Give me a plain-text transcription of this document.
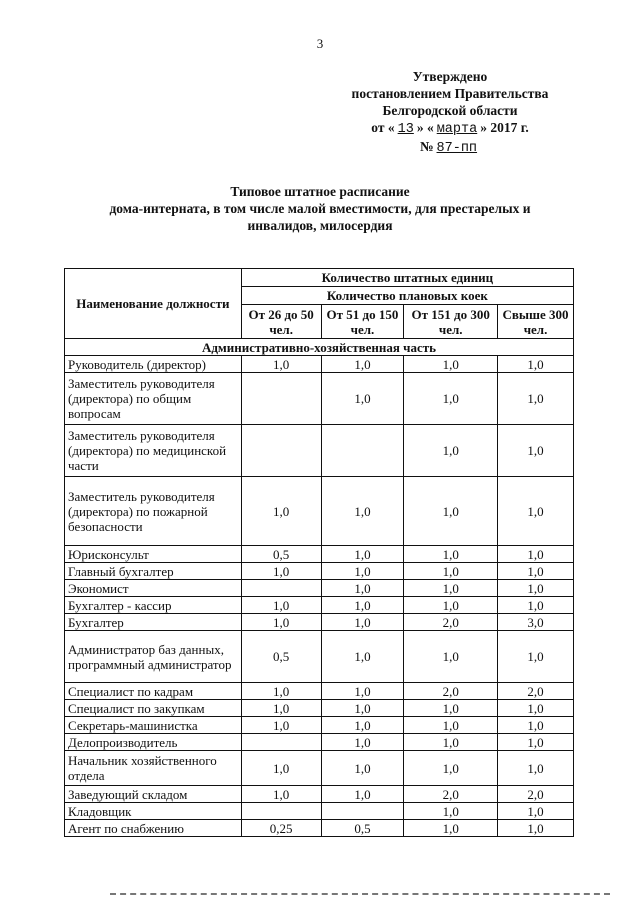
3
Утверждено
постановлением Правительства
Белгородской области
от « 13 » « марта » 2017 г.
№ 87-пп
Типовое штатное расписание
дома-интерната, в том числе малой вместимости, для престарелых и
инвалидов, милосердия
Наименование должности	Количество штатных единиц			
	Количество плановых коек			
	От 26 до 50 чел.	От 51 до 150 чел.	От 151 до 300 чел.	Свыше 300 чел.
Административно-хозяйственная часть				
Руководитель (директор)	1,0	1,0	1,0	1,0
Заместитель руководителя (директора) по общим вопросам		1,0	1,0	1,0
Заместитель руководителя (директора) по медицинской части			1,0	1,0
Заместитель руководителя (директора) по пожарной безопасности	1,0	1,0	1,0	1,0
Юрисконсульт	0,5	1,0	1,0	1,0
Главный бухгалтер	1,0	1,0	1,0	1,0
Экономист		1,0	1,0	1,0
Бухгалтер - кассир	1,0	1,0	1,0	1,0
Бухгалтер	1,0	1,0	2,0	3,0
Администратор баз данных, программный администратор	0,5	1,0	1,0	1,0
Специалист по кадрам	1,0	1,0	2,0	2,0
Специалист по закупкам	1,0	1,0	1,0	1,0
Секретарь-машинистка	1,0	1,0	1,0	1,0
Делопроизводитель		1,0	1,0	1,0
Начальник хозяйственного отдела	1,0	1,0	1,0	1,0
Заведующий складом	1,0	1,0	2,0	2,0
Кладовщик			1,0	1,0
Агент по снабжению	0,25	0,5	1,0	1,0
